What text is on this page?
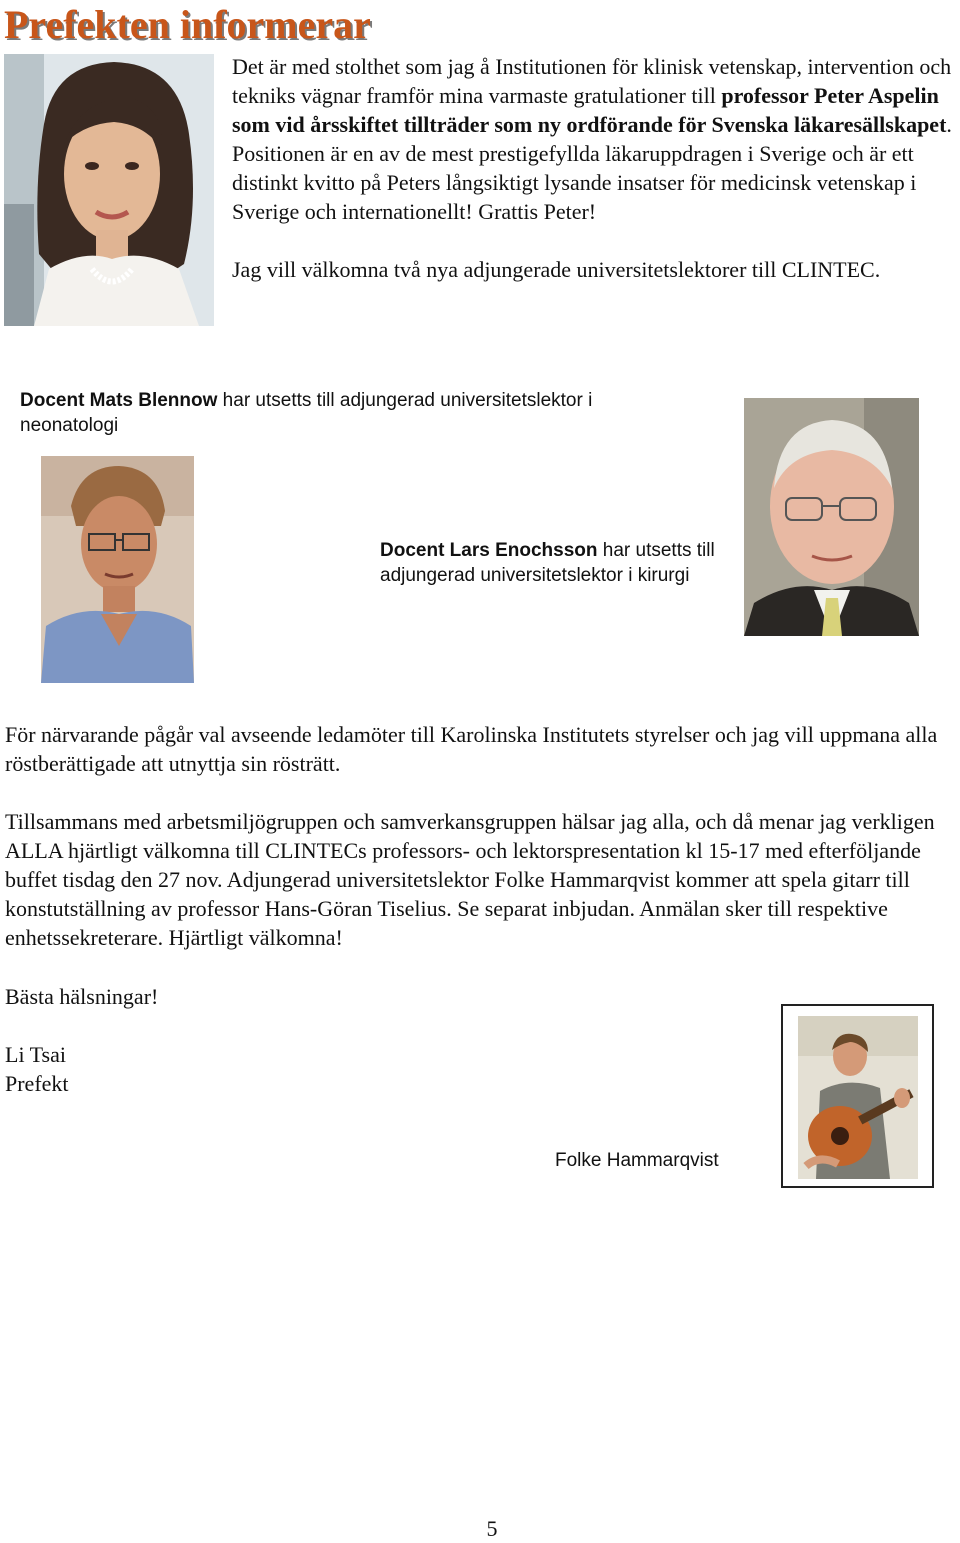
Prefekten informerar

Det är med stolthet som jag å Institutionen för klinisk vetenskap, intervention och tekniks vägnar framför mina varmaste gratulationer till professor Peter Aspelin som vid årsskiftet tillträder som ny ordförande för Svenska läkaresällskapet. Positionen är en av de mest prestigefyllda läkaruppdragen i Sverige och är ett distinkt kvitto på Peters långsiktigt lysande insatser för medicinsk vetenskap i Sverige och internationellt! Grattis Peter!

Jag vill välkomna två nya adjungerade universitetslektorer till CLINTEC.

Docent Mats Blennow har utsetts till adjungerad universitetslektor i neonatologi
Docent Lars Enochsson har utsetts till adjungerad universitetslektor i kirurgi

För närvarande pågår val avseende ledamöter till Karolinska Institutets styrelser och jag vill uppmana alla röstberättigade att utnyttja sin rösträtt.

Tillsammans med arbetsmiljögruppen och samverkansgruppen hälsar jag alla, och då menar jag verkligen ALLA hjärtligt välkomna till CLINTECs professors- och lektorspresentation kl 15-17 med efterföljande buffet tisdag den 27 nov. Adjungerad universitetslektor Folke Hammarqvist kommer att spela gitarr till konstutställning av professor Hans-Göran Tiselius. Se separat inbjudan. Anmälan sker till respektive enhetssekreterare. Hjärtligt välkomna!

Bästa hälsningar!

Li Tsai
Prefekt
Folke Hammarqvist
5
